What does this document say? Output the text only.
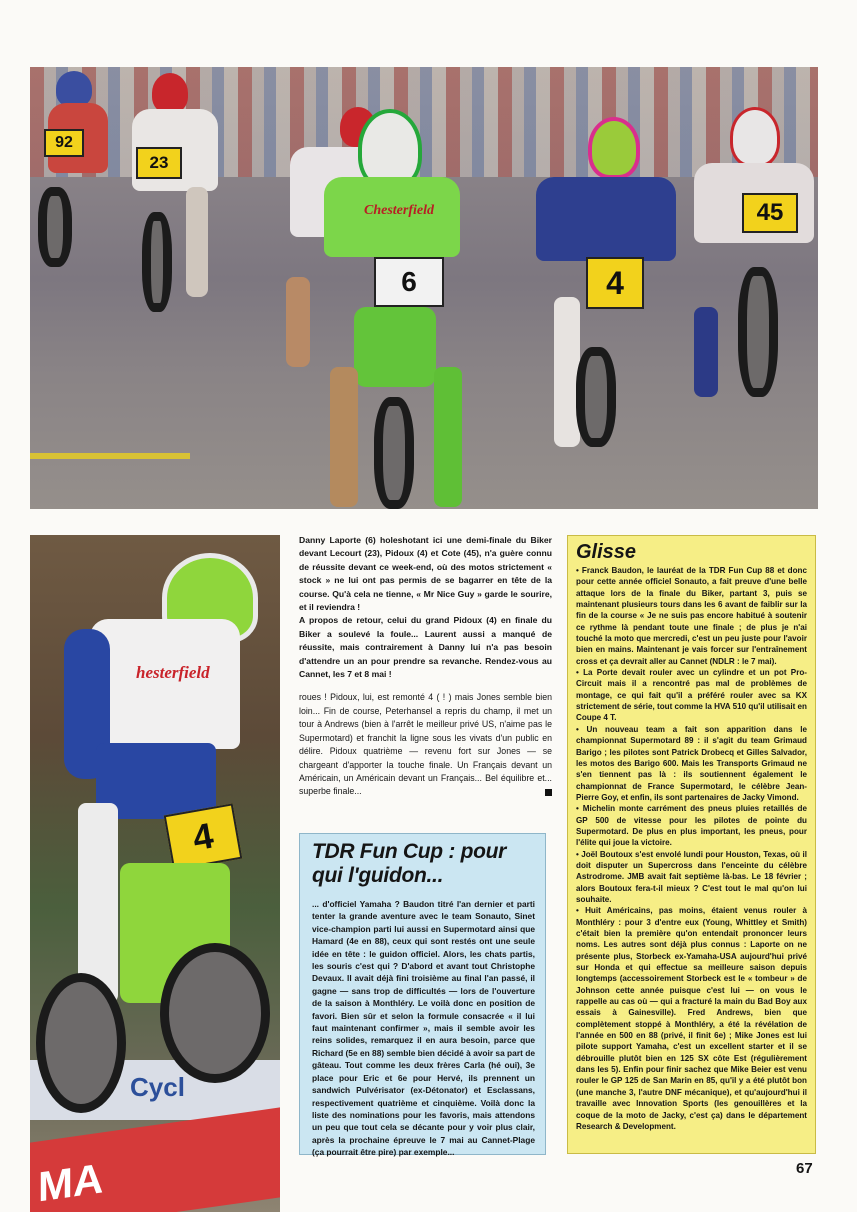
92
23
Chesterfield
6	4
45
Cycl
MA
hesterfield
4

Danny Laporte (6) holeshotant ici une demi-finale du Biker devant Lecourt (23), Pidoux (4) et Cote (45), n'a guère connu de réussite devant ce week-end, où des motos strictement « stock » ne lui ont pas permis de se bagarrer en tête de la course. Qu'à cela ne tienne, « Mr Nice Guy » garde le sourire, et il reviendra !

A propos de retour, celui du grand Pidoux (4) en finale du Biker a soulevé la foule... Laurent aussi a manqué de réussite, mais contrairement à Danny lui n'a pas besoin d'attendre un an pour prendre sa revanche. Rendez-vous au Cannet, les 7 et 8 mai !

roues ! Pidoux, lui, est remonté 4 ( ! ) mais Jones semble bien loin... Fin de course, Peterhansel a repris du champ, il met un tour à Andrews (bien à l'arrêt le meilleur privé US, n'aime pas le Supermotard) et franchit la ligne sous les vivats d'un public en délire. Pidoux quatrième — revenu fort sur Jones — se chargeant d'apporter la touche finale. Un Français devant un Américain, un Américain devant un Français... Bel équilibre et... superbe finale...
TDR Fun Cup : pour qui l'guidon...
... d'officiel Yamaha ? Baudon titré l'an dernier et parti tenter la grande aventure avec le team Sonauto, Sinet vice-champion parti lui aussi en Supermotard ainsi que Hamard (4e en 88), ceux qui sont restés ont une seule idée en tête : le guidon officiel. Alors, les chats partis, les souris c'est qui ? D'abord et avant tout Christophe Devaux. Il avait déjà fini troisième au final l'an passé, il gagne — sans trop de difficultés — lors de l'ouverture de la saison à Monthléry. Le voilà donc en position de favori. Bien sûr et selon la formule consacrée « il lui faut maintenant confirmer », mais il semble avoir les reins solides, remarquez il en aura besoin, parce que Richard (5e en 88) semble bien décidé à avoir sa part de gâteau. Tout comme les deux frères Carla (hé oui), 3e place pour Eric et 6e pour Hervé, ils prennent un sandwich Pulvérisator (ex-Détonator) et Esclassans, respectivement quatrième et cinquième. Voilà donc la liste des nominations pour les favoris, mais attendons un peu que tout cela se décante pour y voir plus clair, après la prochaine épreuve le 7 mai au Cannet-Plage (ça pourrait être pire) par exemple...
Glisse

• Franck Baudon, le lauréat de la TDR Fun Cup 88 et donc pour cette année officiel Sonauto, a fait preuve d'une belle attaque lors de la finale du Biker, partant 3, puis se maintenant plusieurs tours dans les 6 avant de faiblir sur la fin de la course « Je ne suis pas encore habitué à soutenir ce rythme là pendant toute une finale ; de plus je n'ai touché la moto que mercredi, c'est un peu juste pour l'avoir bien en mains. Maintenant je vais forcer sur l'entraînement cross et ça devrait aller au Cannet (NDLR : le 7 mai).

• La Porte devait rouler avec un cylindre et un pot Pro-Circuit mais il a rencontré pas mal de problèmes de montage, ce qui fait qu'il a préféré rouler avec sa KX strictement de série, tout comme la HVA 510 qu'il utilisait en Coupe 4 T.

• Un nouveau team a fait son apparition dans le championnat Supermotard 89 : il s'agit du team Grimaud Barigo ; les pilotes sont Patrick Drobecq et Gilles Salvador, les motos des Barigo 600. Mais les Transports Grimaud ne s'en tiennent pas là : ils soutiennent également le championnat de France Supermotard, le célèbre Jean-Pierre Goy, et enfin, ils sont partenaires de Jacky Vimond.

• Michelin monte carrément des pneus pluies retaillés de GP 500 de vitesse pour les pilotes de pointe du Supermotard. De plus en plus important, les pneus, pour l'élite qui joue la victoire.

• Joël Boutoux s'est envolé lundi pour Houston, Texas, où il doit disputer un Supercross dans l'enceinte du célèbre Astrodrome. JMB avait fait septième là-bas. Le 18 février ; alors Boutoux fera-t-il mieux ? C'est tout le mal qu'on lui souhaite.

• Huit Américains, pas moins, étaient venus rouler à Monthléry : pour 3 d'entre eux (Young, Whittley et Smith) c'était bien la première qu'on entendait prononcer leurs noms. Les autres sont déjà plus connus : Laporte on ne présente plus, Storbeck ex-Yamaha-USA aujourd'hui privé sur Honda et qui effectue sa meilleure saison depuis longtemps (accessoirement Storbeck est le « tombeur » de Johnson cette année puisque c'est lui — on vous le rappelle au cas où — qui a fracturé la main du Bad Boy aux essais à Gainesville). Fred Andrews, bien que complètement stoppé à Monthléry, a été la révélation de l'année en 500 en 88 (privé, il finit 6e) ; Mike Jones est lui pilote support Yamaha, c'est un excellent starter et il se débrouille plutôt bien en 125 SX côte Est (régulièrement dans les 5). Enfin pour finir sachez que Mike Beier est venu rouler le GP 125 de San Marin en 85, qu'il y a été plutôt bon (une manche 3, l'autre DNF mécanique), et qu'aujourd'hui il travaille avec Innovation Sports (les genouillères et la coque de la moto de Jacky, c'est ça) dans le département Research & Development.

67
